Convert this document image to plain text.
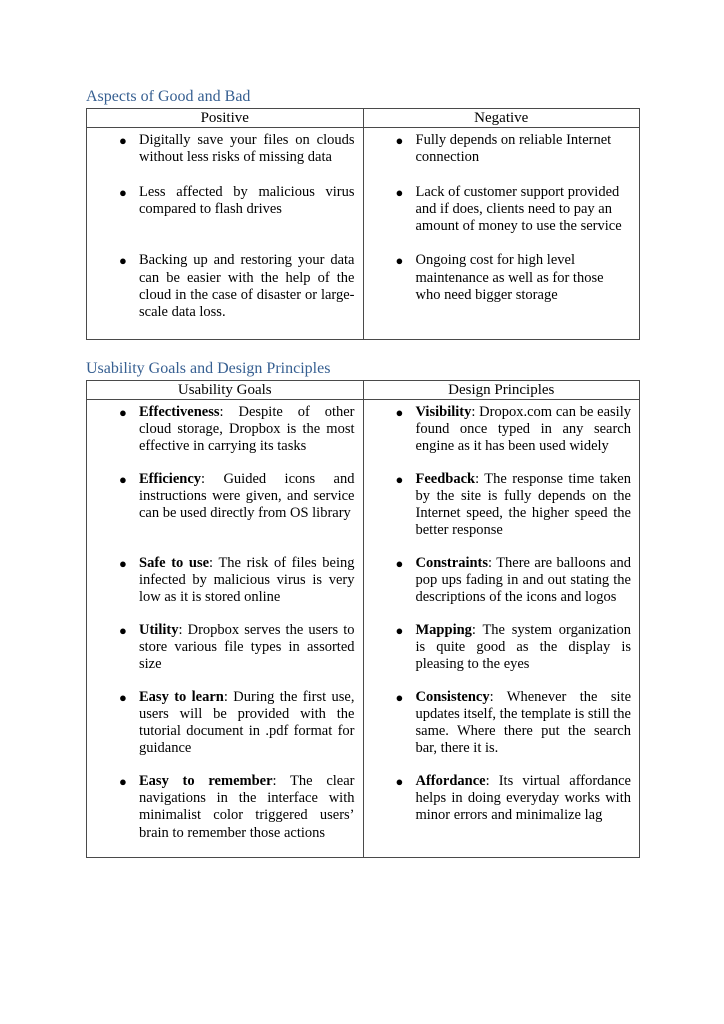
Aspects of Good and Bad
Positive	Negative

● Digitally save your files on clouds without less risks of missing data	● Fully depends on reliable Internet connection

● Less affected by malicious virus compared to flash drives	● Lack of customer support provided and if does, clients need to pay an amount of money to use the service

● Backing up and restoring your data can be easier with the help of the cloud in the case of disaster or large-scale data loss.	● Ongoing cost for high level maintenance as well as for those who need bigger storage
Usability Goals and Design Principles
Usability Goals	Design Principles

● Effectiveness: Despite of other cloud storage, Dropbox is the most effective in carrying its tasks	● Visibility: Dropox.com can be easily found once typed in any search engine as it has been used widely

● Efficiency: Guided icons and instructions were given, and service can be used directly from OS library	● Feedback: The response time taken by the site is fully depends on the Internet speed, the higher speed the better response

● Safe to use: The risk of files being infected by malicious virus is very low as it is stored online	● Constraints: There are balloons and pop ups fading in and out stating the descriptions of the icons and logos

● Utility: Dropbox serves the users to store various file types in assorted size	● Mapping: The system organization is quite good as the display is pleasing to the eyes

● Easy to learn: During the first use, users will be provided with the tutorial document in .pdf format for guidance	● Consistency: Whenever the site updates itself, the template is still the same. Where there put the search bar, there it is.

● Easy to remember: The clear navigations in the interface with minimalist color triggered users’ brain to remember those actions	● Affordance: Its virtual affordance helps in doing everyday works with minor errors and minimalize lag
